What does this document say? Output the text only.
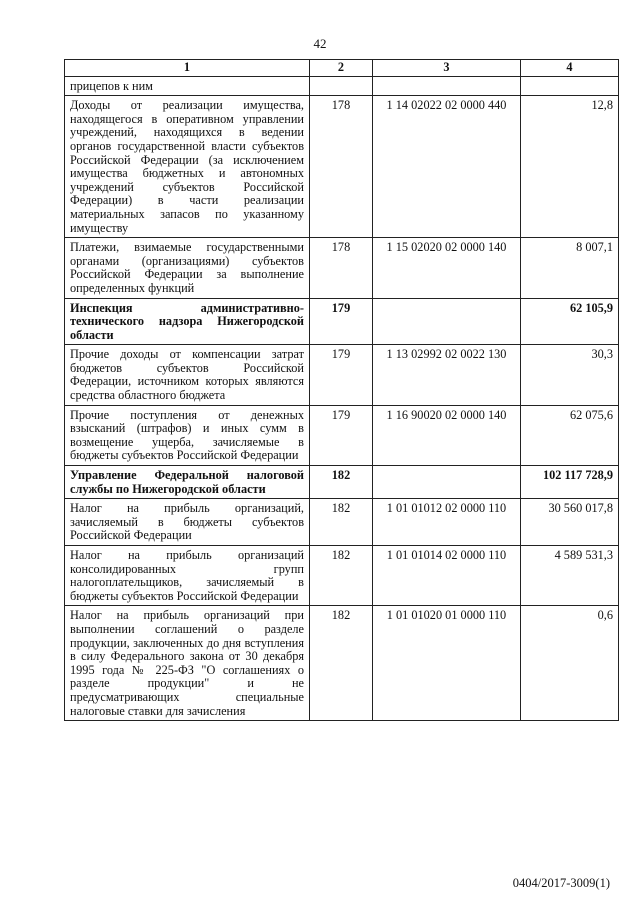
42
1	2	3	4
прицепов к ним			
Доходы от реализации имущества, находящегося в оперативном управлении учреждений, находящихся в ведении органов государственной власти субъектов Российской Федерации (за исключением имущества бюджетных и автономных учреждений субъектов Российской Федерации) в части реализации материальных запасов по указанному имуществу	178	1 14 02022 02 0000 440	12,8
Платежи, взимаемые государственными органами (организациями) субъектов Российской Федерации за выполнение определенных функций	178	1 15 02020 02 0000 140	8 007,1
Инспекция административно-технического надзора Нижегородской области	179		62 105,9
Прочие доходы от компенсации затрат бюджетов субъектов Российской Федерации, источником которых являются средства областного бюджета	179	1 13 02992 02 0022 130	30,3
Прочие поступления от денежных взысканий (штрафов) и иных сумм в возмещение ущерба, зачисляемые в бюджеты субъектов Российской Федерации	179	1 16 90020 02 0000 140	62 075,6
Управление Федеральной налоговой службы по Нижегородской области	182		102 117 728,9
Налог на прибыль организаций, зачисляемый в бюджеты субъектов Российской Федерации	182	1 01 01012 02 0000 110	30 560 017,8
Налог на прибыль организаций консолидированных групп налогоплательщиков, зачисляемый в бюджеты субъектов Российской Федерации	182	1 01 01014 02 0000 110	4 589 531,3
Налог на прибыль организаций при выполнении соглашений о разделе продукции, заключенных до дня вступления в силу Федерального закона от 30 декабря 1995 года № 225-ФЗ "О соглашениях о разделе продукции" и не предусматривающих специальные налоговые ставки для зачисления	182	1 01 01020 01 0000 110	0,6
0404/2017-3009(1)
